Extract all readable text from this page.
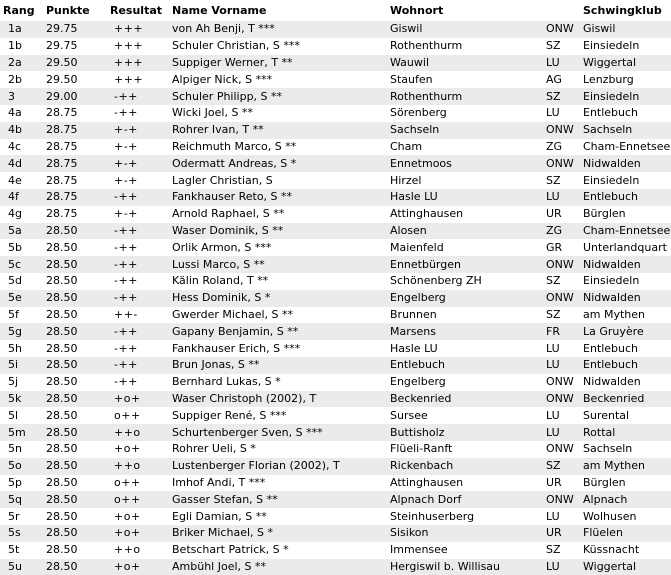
Rang	Punkte	Resultat	Name Vorname	Wohnort		Schwingklub
1a	29.75	+++	von Ah Benji, T ***	Giswil	ONW	Giswil
1b	29.75	+++	Schuler Christian, S ***	Rothenthurm	SZ	Einsiedeln
2a	29.50	+++	Suppiger Werner, T **	Wauwil	LU	Wiggertal
2b	29.50	+++	Alpiger Nick, S ***	Staufen	AG	Lenzburg
3	29.00	-++	Schuler Philipp, S **	Rothenthurm	SZ	Einsiedeln
4a	28.75	-++	Wicki Joel, S **	Sörenberg	LU	Entlebuch
4b	28.75	+-+	Rohrer Ivan, T **	Sachseln	ONW	Sachseln
4c	28.75	+-+	Reichmuth Marco, S **	Cham	ZG	Cham-Ennetsee
4d	28.75	+-+	Odermatt Andreas, S *	Ennetmoos	ONW	Nidwalden
4e	28.75	+-+	Lagler Christian, S	Hirzel	SZ	Einsiedeln
4f	28.75	-++	Fankhauser Reto, S **	Hasle LU	LU	Entlebuch
4g	28.75	+-+	Arnold Raphael, S **	Attinghausen	UR	Bürglen
5a	28.50	-++	Waser Dominik, S **	Alosen	ZG	Cham-Ennetsee
5b	28.50	-++	Orlik Armon, S ***	Maienfeld	GR	Unterlandquart
5c	28.50	-++	Lussi Marco, S **	Ennetbürgen	ONW	Nidwalden
5d	28.50	-++	Kälin Roland, T **	Schönenberg ZH	SZ	Einsiedeln
5e	28.50	-++	Hess Dominik, S *	Engelberg	ONW	Nidwalden
5f	28.50	++-	Gwerder Michael, S **	Brunnen	SZ	am Mythen
5g	28.50	-++	Gapany Benjamin, S **	Marsens	FR	La Gruyère
5h	28.50	-++	Fankhauser Erich, S ***	Hasle LU	LU	Entlebuch
5i	28.50	-++	Brun Jonas, S **	Entlebuch	LU	Entlebuch
5j	28.50	-++	Bernhard Lukas, S *	Engelberg	ONW	Nidwalden
5k	28.50	+o+	Waser Christoph (2002), T	Beckenried	ONW	Beckenried
5l	28.50	o++	Suppiger René, S ***	Sursee	LU	Surental
5m	28.50	++o	Schurtenberger Sven, S ***	Buttisholz	LU	Rottal
5n	28.50	+o+	Rohrer Ueli, S *	Flüeli-Ranft	ONW	Sachseln
5o	28.50	++o	Lustenberger Florian (2002), T	Rickenbach	SZ	am Mythen
5p	28.50	o++	Imhof Andi, T ***	Attinghausen	UR	Bürglen
5q	28.50	o++	Gasser Stefan, S **	Alpnach Dorf	ONW	Alpnach
5r	28.50	+o+	Egli Damian, S **	Steinhuserberg	LU	Wolhusen
5s	28.50	+o+	Briker Michael, S *	Sisikon	UR	Flüelen
5t	28.50	++o	Betschart Patrick, S *	Immensee	SZ	Küssnacht
5u	28.50	+o+	Ambühl Joel, S **	Hergiswil b. Willisau	LU	Wiggertal
